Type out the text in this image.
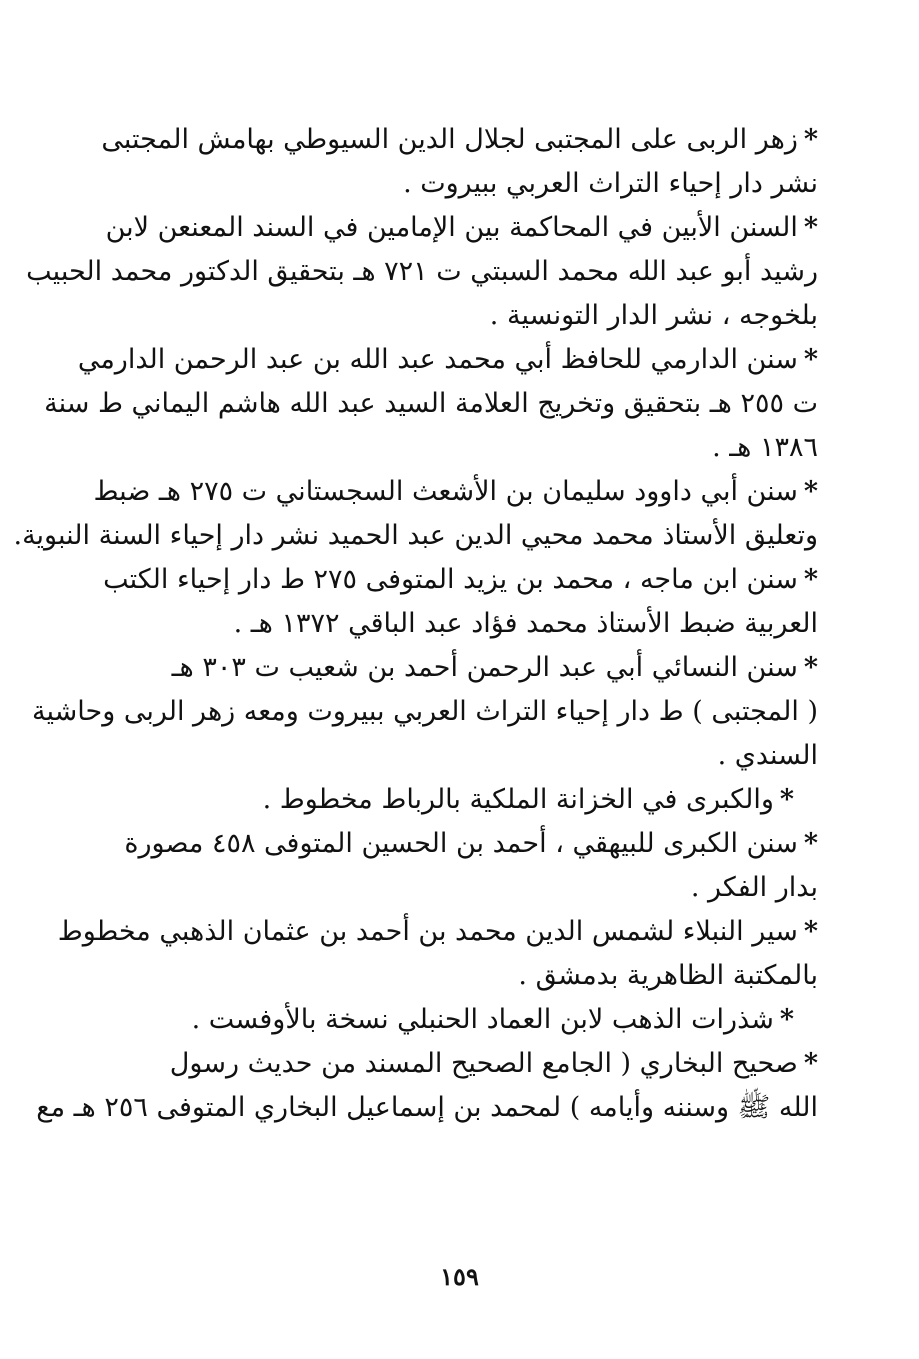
*زهر الربى على المجتبى لجلال الدين السيوطي بهامش المجتبى
نشر دار إحياء التراث العربي ببيروت .
*السنن الأبين في المحاكمة بين الإمامين في السند المعنعن لابن
رشيد أبو عبد الله محمد السبتي ت ٧٢١ هـ بتحقيق الدكتور محمد الحبيب
بلخوجه ، نشر الدار التونسية .
*سنن الدارمي للحافظ أبي محمد عبد الله بن عبد الرحمن الدارمي
ت ٢٥٥ هـ بتحقيق وتخريج العلامة السيد عبد الله هاشم اليماني ط سنة
١٣٨٦ هـ .
*سنن أبي داوود سليمان بن الأشعث السجستاني ت ٢٧٥ هـ ضبط
وتعليق الأستاذ محمد محيي الدين عبد الحميد نشر دار إحياء السنة النبوية.
*سنن ابن ماجه ، محمد بن يزيد المتوفى ٢٧٥ ط دار إحياء الكتب
العربية ضبط الأستاذ محمد فؤاد عبد الباقي ١٣٧٢ هـ .
*سنن النسائي أبي عبد الرحمن أحمد بن شعيب ت ٣٠٣ هـ
( المجتبى ) ط دار إحياء التراث العربي ببيروت ومعه زهر الربى وحاشية
السندي .
*والكبرى في الخزانة الملكية بالرباط مخطوط .
*سنن الكبرى للبيهقي ، أحمد بن الحسين المتوفى ٤٥٨ مصورة
بدار الفكر .
*سير النبلاء لشمس الدين محمد بن أحمد بن عثمان الذهبي مخطوط
بالمكتبة الظاهرية بدمشق .
*شذرات الذهب لابن العماد الحنبلي نسخة بالأوفست .
*صحيح البخاري ( الجامع الصحيح المسند من حديث رسول
الله ﷺ وسننه وأيامه ) لمحمد بن إسماعيل البخاري المتوفى ٢٥٦ هـ مع
١٥٩
